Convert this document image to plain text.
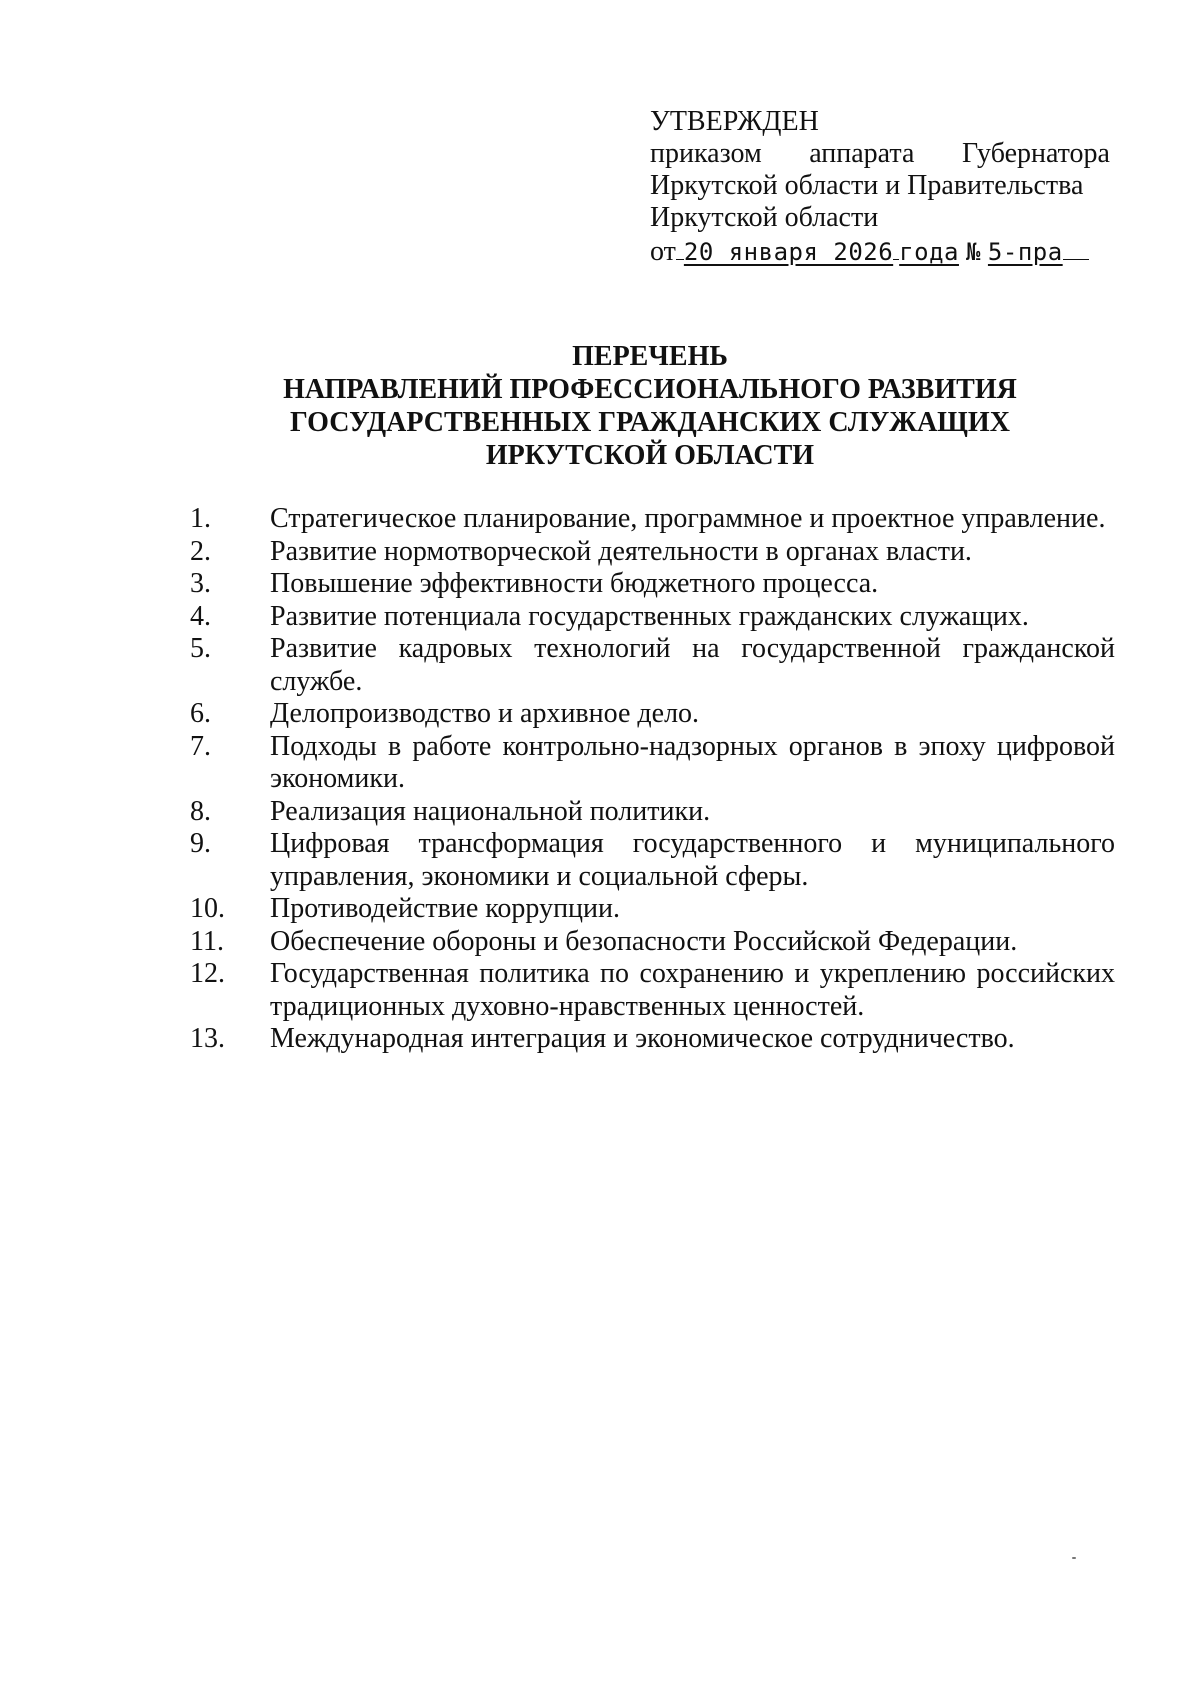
УТВЕРЖДЕН
приказом аппарата Губернатора
Иркутской области и Правительства
Иркутской области
от 20 января 2026 года № 5-пра
ПЕРЕЧЕНЬ
НАПРАВЛЕНИЙ ПРОФЕССИОНАЛЬНОГО РАЗВИТИЯ
ГОСУДАРСТВЕННЫХ ГРАЖДАНСКИХ СЛУЖАЩИХ
ИРКУТСКОЙ ОБЛАСТИ
1.	Стратегическое планирование, программное и проектное управление.
2.	Развитие нормотворческой деятельности в органах власти.
3.	Повышение эффективности бюджетного процесса.
4.	Развитие потенциала государственных гражданских служащих.
5.	Развитие кадровых технологий на государственной гражданской службе.
6.	Делопроизводство и архивное дело.
7.	Подходы в работе контрольно-надзорных органов в эпоху цифровой экономики.
8.	Реализация национальной политики.
9.	Цифровая трансформация государственного и муниципального управления, экономики и социальной сферы.
10.	Противодействие коррупции.
11.	Обеспечение обороны и безопасности Российской Федерации.
12.	Государственная политика по сохранению и укреплению российских традиционных духовно-нравственных ценностей.
13.	Международная интеграция и экономическое сотрудничество.
